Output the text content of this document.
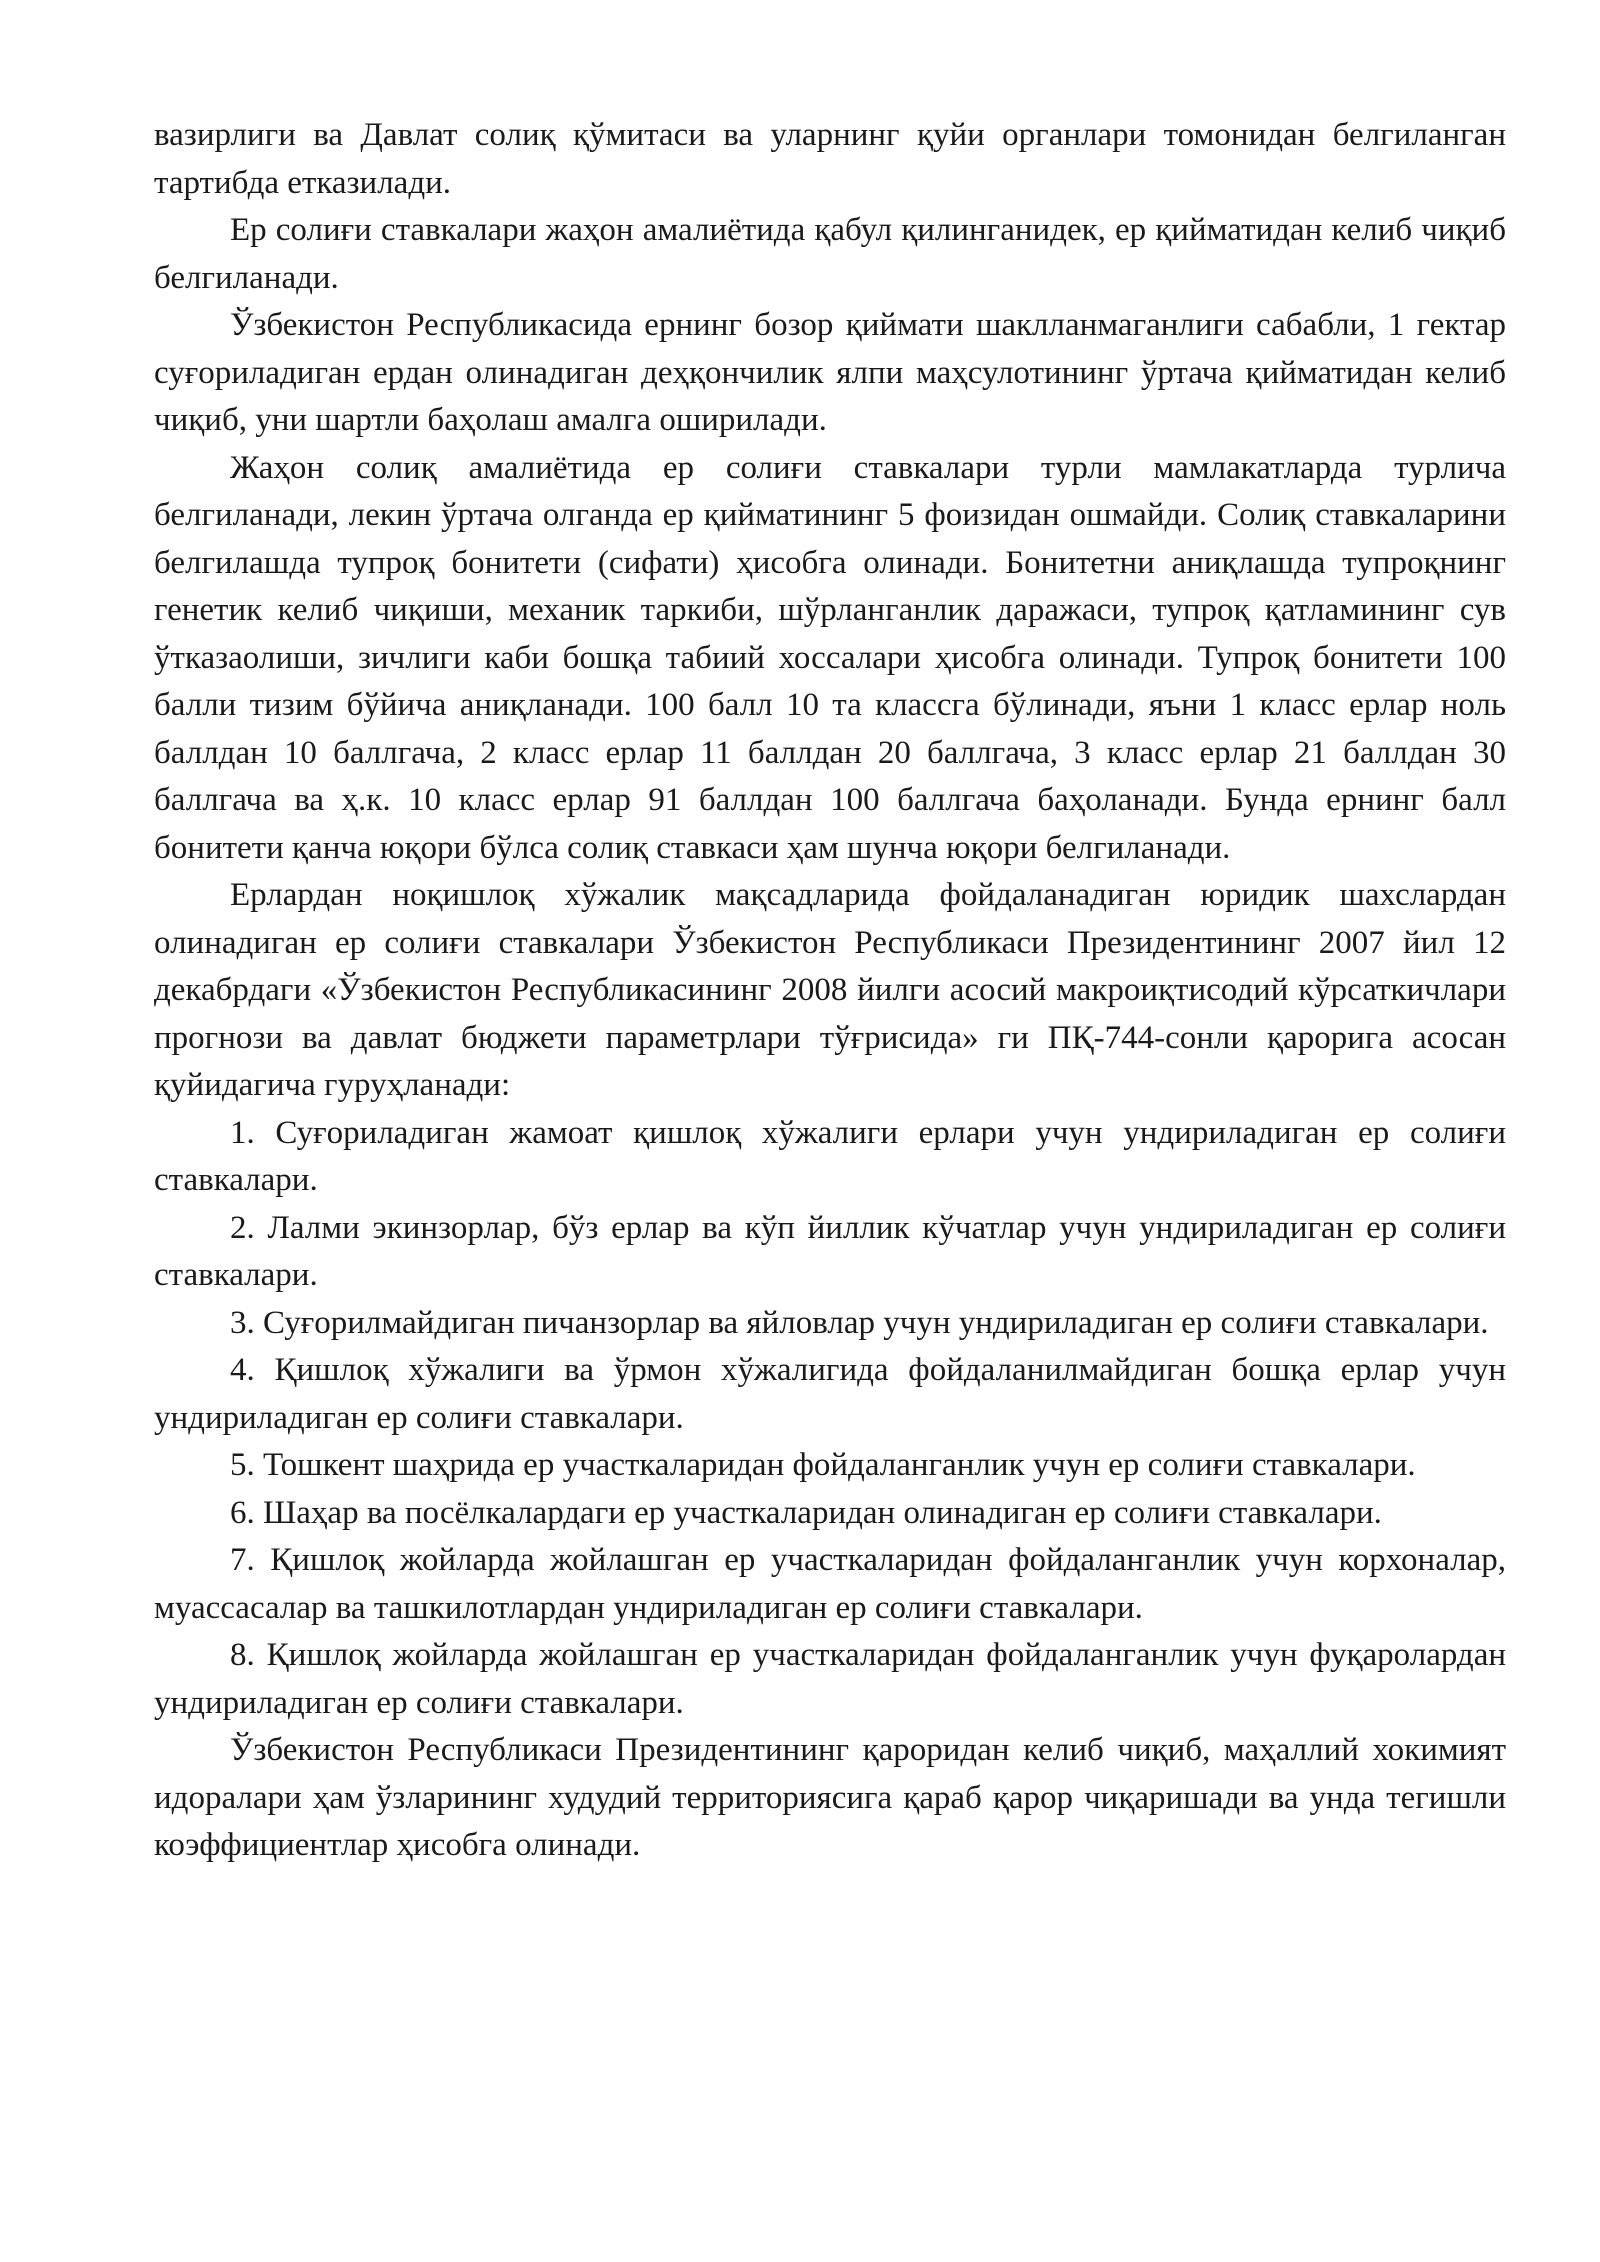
вазирлиги ва Давлат солиқ қўмитаси ва уларнинг қуйи органлари томонидан белгиланган тартибда етказилади.

Ер солиғи ставкалари жаҳон амалиётида қабул қилинганидек, ер қийматидан келиб чиқиб белгиланади.

Ўзбекистон Республикасида ернинг бозор қиймати шаклланмаганлиги сабабли, 1 гектар суғориладиган ердан олинадиган деҳқончилик ялпи маҳсулотининг ўртача қийматидан келиб чиқиб, уни шартли баҳолаш амалга оширилади.

Жаҳон солиқ амалиётида ер солиғи ставкалари турли мамлакатларда турлича белгиланади, лекин ўртача олганда ер қийматининг 5 фоизидан ошмайди. Солиқ ставкаларини белгилашда тупроқ бонитети (сифати) ҳисобга олинади. Бонитетни аниқлашда тупроқнинг генетик келиб чиқиши, механик таркиби, шўрланганлик даражаси, тупроқ қатламининг сув ўтказаолиши, зичлиги каби бошқа табиий хоссалари ҳисобга олинади. Тупроқ бонитети 100 балли тизим бўйича аниқланади. 100 балл 10 та классга бўлинади, яъни 1 класс ерлар ноль баллдан 10 баллгача, 2 класс ерлар 11 баллдан 20 баллгача, 3 класс ерлар 21 баллдан 30 баллгача ва ҳ.к. 10 класс ерлар 91 баллдан 100 баллгача баҳоланади. Бунда ернинг балл бонитети қанча юқори бўлса солиқ ставкаси ҳам шунча юқори белгиланади.

Ерлардан ноқишлоқ хўжалик мақсадларида фойдаланадиган юридик шахслардан олинадиган ер солиғи ставкалари Ўзбекистон Республикаси Президентининг 2007 йил 12 декабрдаги «Ўзбекистон Республикасининг 2008 йилги асосий макроиқтисодий кўрсаткичлари прогнози ва давлат бюджети параметрлари тўғрисида» ги ПҚ-744-сонли қарорига асосан қуйидагича гуруҳланади:

1. Суғориладиган жамоат қишлоқ хўжалиги ерлари учун ундириладиган ер солиғи ставкалари.

2. Лалми экинзорлар, бўз ерлар ва кўп йиллик кўчатлар учун ундириладиган ер солиғи ставкалари.

3. Суғорилмайдиган пичанзорлар ва яйловлар учун ундириладиган ер солиғи ставкалари.

4. Қишлоқ хўжалиги ва ўрмон хўжалигида фойдаланилмайдиган бошқа ерлар учун ундириладиган ер солиғи ставкалари.

5. Тошкент шаҳрида ер участкаларидан фойдаланганлик учун ер солиғи ставкалари.

6. Шаҳар ва посёлкалардаги ер участкаларидан олинадиган ер солиғи ставкалари.

7. Қишлоқ жойларда жойлашган ер участкаларидан фойдаланганлик учун корхоналар, муассасалар ва ташкилотлардан ундириладиган ер солиғи ставкалари.

8. Қишлоқ жойларда жойлашган ер участкаларидан фойдаланганлик учун фуқаролардан ундириладиган ер солиғи ставкалари.

Ўзбекистон Республикаси Президентининг қароридан келиб чиқиб, маҳаллий хокимият идоралари ҳам ўзларининг худудий территориясига қараб қарор чиқаришади ва унда тегишли коэффициентлар ҳисобга олинади.
